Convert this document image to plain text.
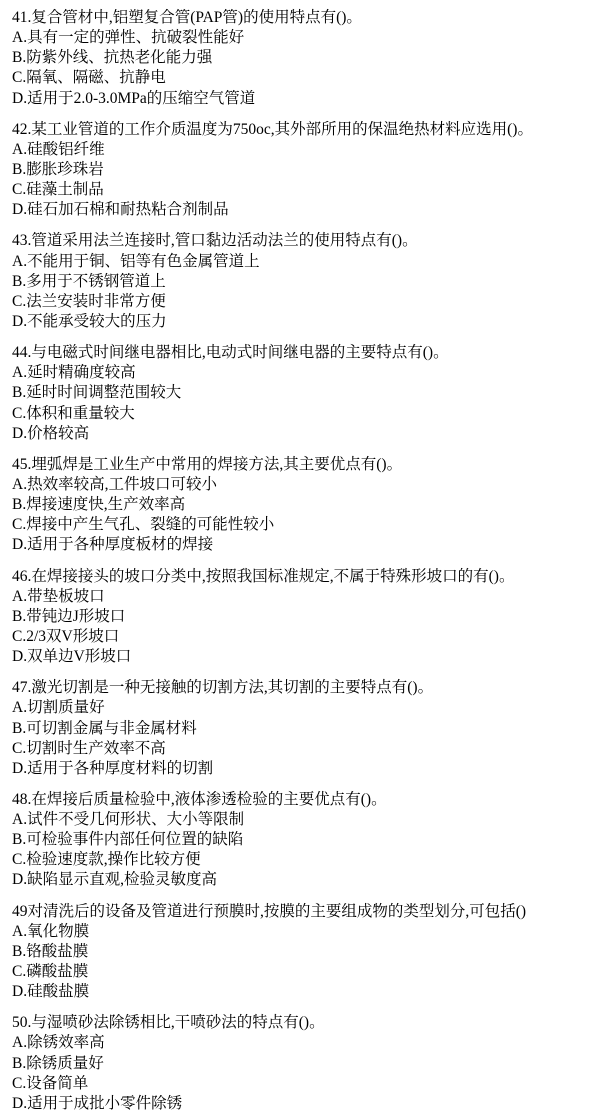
41.复合管材中,铝塑复合管(PAP管)的使用特点有()。
A.具有一定的弹性、抗破裂性能好
B.防紫外线、抗热老化能力强
C.隔氧、隔磁、抗静电
D.适用于2.0-3.0MPa的压缩空气管道
42.某工业管道的工作介质温度为750oc,其外部所用的保温绝热材料应选用()。
A.硅酸铝纤维
B.膨胀珍珠岩
C.硅藻土制品
D.硅石加石棉和耐热粘合剂制品
43.管道采用法兰连接时,管口黏边活动法兰的使用特点有()。
A.不能用于铜、铝等有色金属管道上
B.多用于不锈钢管道上
C.法兰安装时非常方便
D.不能承受较大的压力
44.与电磁式时间继电器相比,电动式时间继电器的主要特点有()。
A.延时精确度较高
B.延时时间调整范围较大
C.体积和重量较大
D.价格较高
45.埋弧焊是工业生产中常用的焊接方法,其主要优点有()。
A.热效率较高,工件坡口可较小
B.焊接速度快,生产效率高
C.焊接中产生气孔、裂缝的可能性较小
D.适用于各种厚度板材的焊接
46.在焊接接头的坡口分类中,按照我国标准规定,不属于特殊形坡口的有()。
A.带垫板坡口
B.带钝边J形坡口
C.2/3双V形坡口
D.双单边V形坡口
47.激光切割是一种无接触的切割方法,其切割的主要特点有()。
A.切割质量好
B.可切割金属与非金属材料
C.切割时生产效率不高
D.适用于各种厚度材料的切割
48.在焊接后质量检验中,液体渗透检验的主要优点有()。
A.试件不受几何形状、大小等限制
B.可检验事件内部任何位置的缺陷
C.检验速度款,操作比较方便
D.缺陷显示直观,检验灵敏度高
49对清洗后的设备及管道进行预膜时,按膜的主要组成物的类型划分,可包括()
A.氧化物膜
B.铬酸盐膜
C.磷酸盐膜
D.硅酸盐膜
50.与湿喷砂法除锈相比,干喷砂法的特点有()。
A.除锈效率高
B.除锈质量好
C.设备简单
D.适用于成批小零件除锈
